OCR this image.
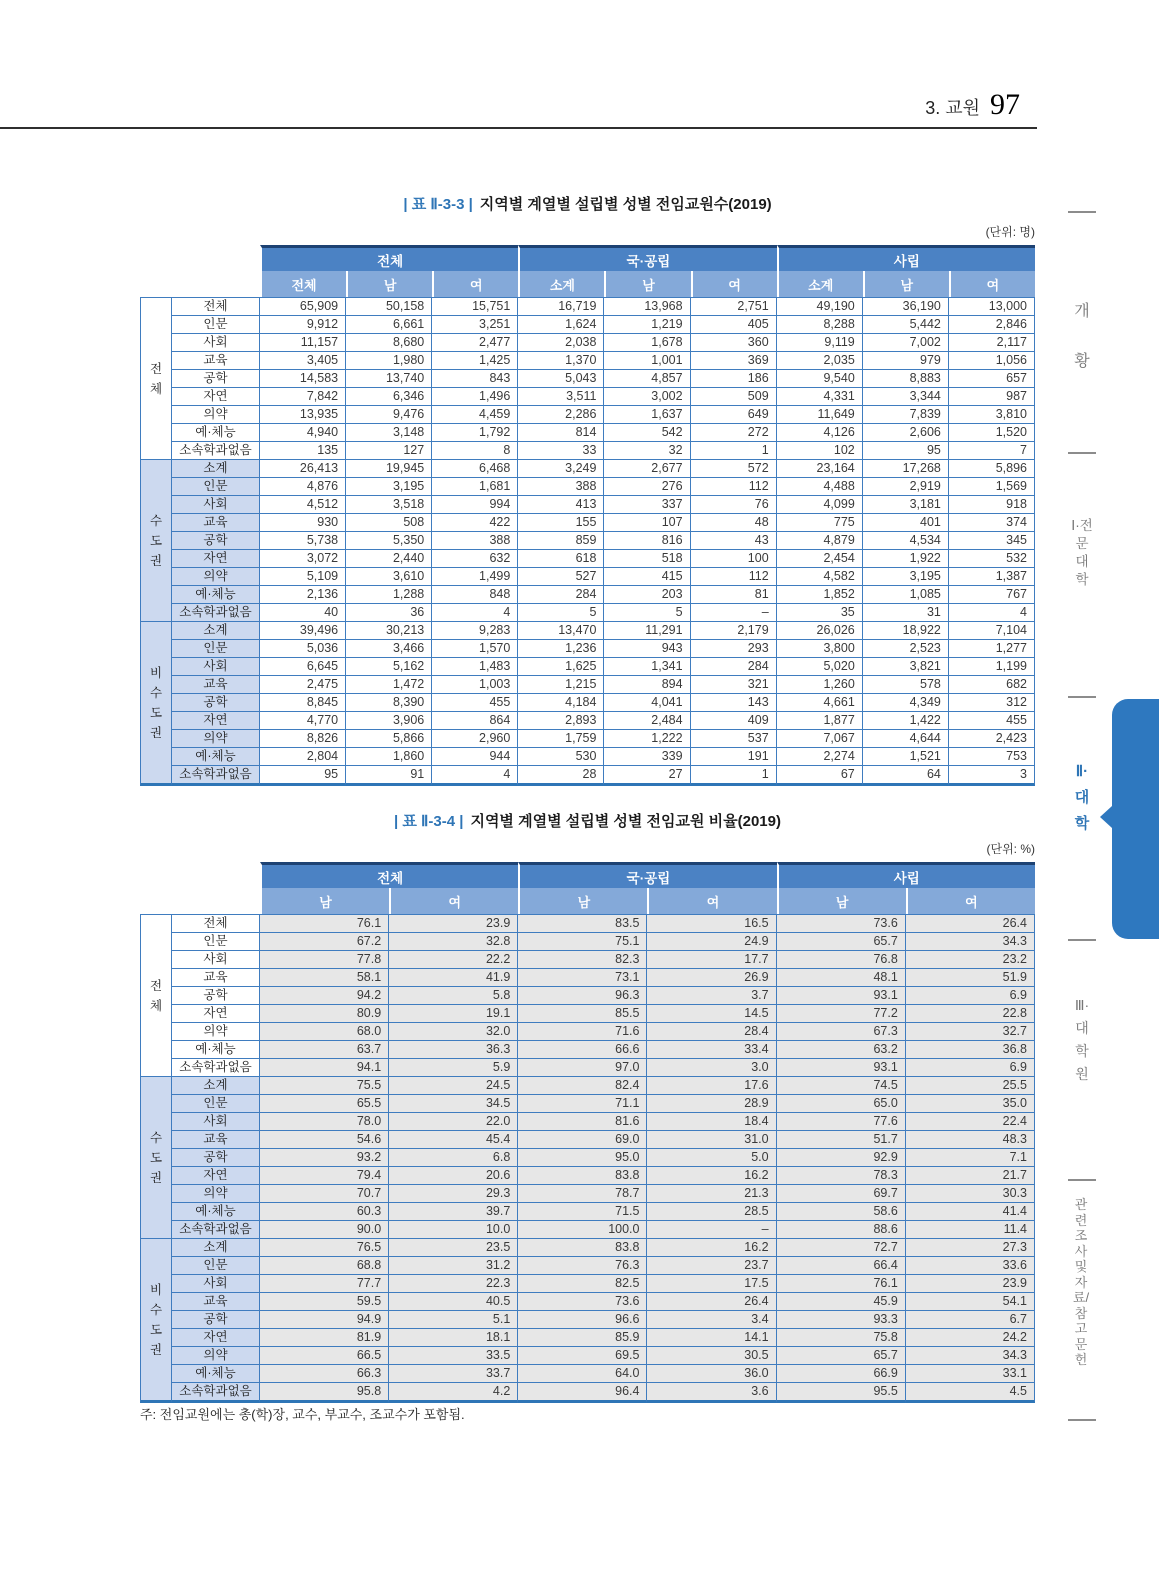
3. 교원 97
| 표 Ⅱ-3-3 | 지역별 계열별 설립별 성별 전임교원수(2019)
(단위: 명)
		전체			국·공립			사립		
		전체	남	여	소계	남	여	소계	남	여

전체	전체	65,909	50,158	15,751	16,719	13,968	2,751	49,190	36,190	13,000
	인문	9,912	6,661	3,251	1,624	1,219	405	8,288	5,442	2,846
	사회	11,157	8,680	2,477	2,038	1,678	360	9,119	7,002	2,117
	교육	3,405	1,980	1,425	1,370	1,001	369	2,035	979	1,056
	공학	14,583	13,740	843	5,043	4,857	186	9,540	8,883	657
	자연	7,842	6,346	1,496	3,511	3,002	509	4,331	3,344	987
	의약	13,935	9,476	4,459	2,286	1,637	649	11,649	7,839	3,810
	예·체능	4,940	3,148	1,792	814	542	272	4,126	2,606	1,520
	소속학과없음	135	127	8	33	32	1	102	95	7

수도권	소계	26,413	19,945	6,468	3,249	2,677	572	23,164	17,268	5,896
	인문	4,876	3,195	1,681	388	276	112	4,488	2,919	1,569
	사회	4,512	3,518	994	413	337	76	4,099	3,181	918
	교육	930	508	422	155	107	48	775	401	374
	공학	5,738	5,350	388	859	816	43	4,879	4,534	345
	자연	3,072	2,440	632	618	518	100	2,454	1,922	532
	의약	5,109	3,610	1,499	527	415	112	4,582	3,195	1,387
	예·체능	2,136	1,288	848	284	203	81	1,852	1,085	767
	소속학과없음	40	36	4	5	5	–	35	31	4

비수도권	소계	39,496	30,213	9,283	13,470	11,291	2,179	26,026	18,922	7,104
	인문	5,036	3,466	1,570	1,236	943	293	3,800	2,523	1,277
	사회	6,645	5,162	1,483	1,625	1,341	284	5,020	3,821	1,199
	교육	2,475	1,472	1,003	1,215	894	321	1,260	578	682
	공학	8,845	8,390	455	4,184	4,041	143	4,661	4,349	312
	자연	4,770	3,906	864	2,893	2,484	409	1,877	1,422	455
	의약	8,826	5,866	2,960	1,759	1,222	537	7,067	4,644	2,423
	예·체능	2,804	1,860	944	530	339	191	2,274	1,521	753
	소속학과없음	95	91	4	28	27	1	67	64	3
| 표 Ⅱ-3-4 | 지역별 계열별 설립별 성별 전임교원 비율(2019)
(단위: %)
		전체		국·공립		사립	
		남	여	남	여	남	여

전체	전체	76.1	23.9	83.5	16.5	73.6	26.4
	인문	67.2	32.8	75.1	24.9	65.7	34.3
	사회	77.8	22.2	82.3	17.7	76.8	23.2
	교육	58.1	41.9	73.1	26.9	48.1	51.9
	공학	94.2	5.8	96.3	3.7	93.1	6.9
	자연	80.9	19.1	85.5	14.5	77.2	22.8
	의약	68.0	32.0	71.6	28.4	67.3	32.7
	예·체능	63.7	36.3	66.6	33.4	63.2	36.8
	소속학과없음	94.1	5.9	97.0	3.0	93.1	6.9

수도권	소계	75.5	24.5	82.4	17.6	74.5	25.5
	인문	65.5	34.5	71.1	28.9	65.0	35.0
	사회	78.0	22.0	81.6	18.4	77.6	22.4
	교육	54.6	45.4	69.0	31.0	51.7	48.3
	공학	93.2	6.8	95.0	5.0	92.9	7.1
	자연	79.4	20.6	83.8	16.2	78.3	21.7
	의약	70.7	29.3	78.7	21.3	69.7	30.3
	예·체능	60.3	39.7	71.5	28.5	58.6	41.4
	소속학과없음	90.0	10.0	100.0	–	88.6	11.4

비수도권	소계	76.5	23.5	83.8	16.2	72.7	27.3
	인문	68.8	31.2	76.3	23.7	66.4	33.6
	사회	77.7	22.3	82.5	17.5	76.1	23.9
	교육	59.5	40.5	73.6	26.4	45.9	54.1
	공학	94.9	5.1	96.6	3.4	93.3	6.7
	자연	81.9	18.1	85.9	14.1	75.8	24.2
	의약	66.5	33.5	69.5	30.5	65.7	34.3
	예·체능	66.3	33.7	64.0	36.0	66.9	33.1
	소속학과없음	95.8	4.2	96.4	3.6	95.5	4.5
주: 전임교원에는 총(학)장, 교수, 부교수, 조교수가 포함됨.
개황
Ⅰ·전문대학
Ⅱ·대학
Ⅲ·대학원
관련조사 및 자료/참고문헌
